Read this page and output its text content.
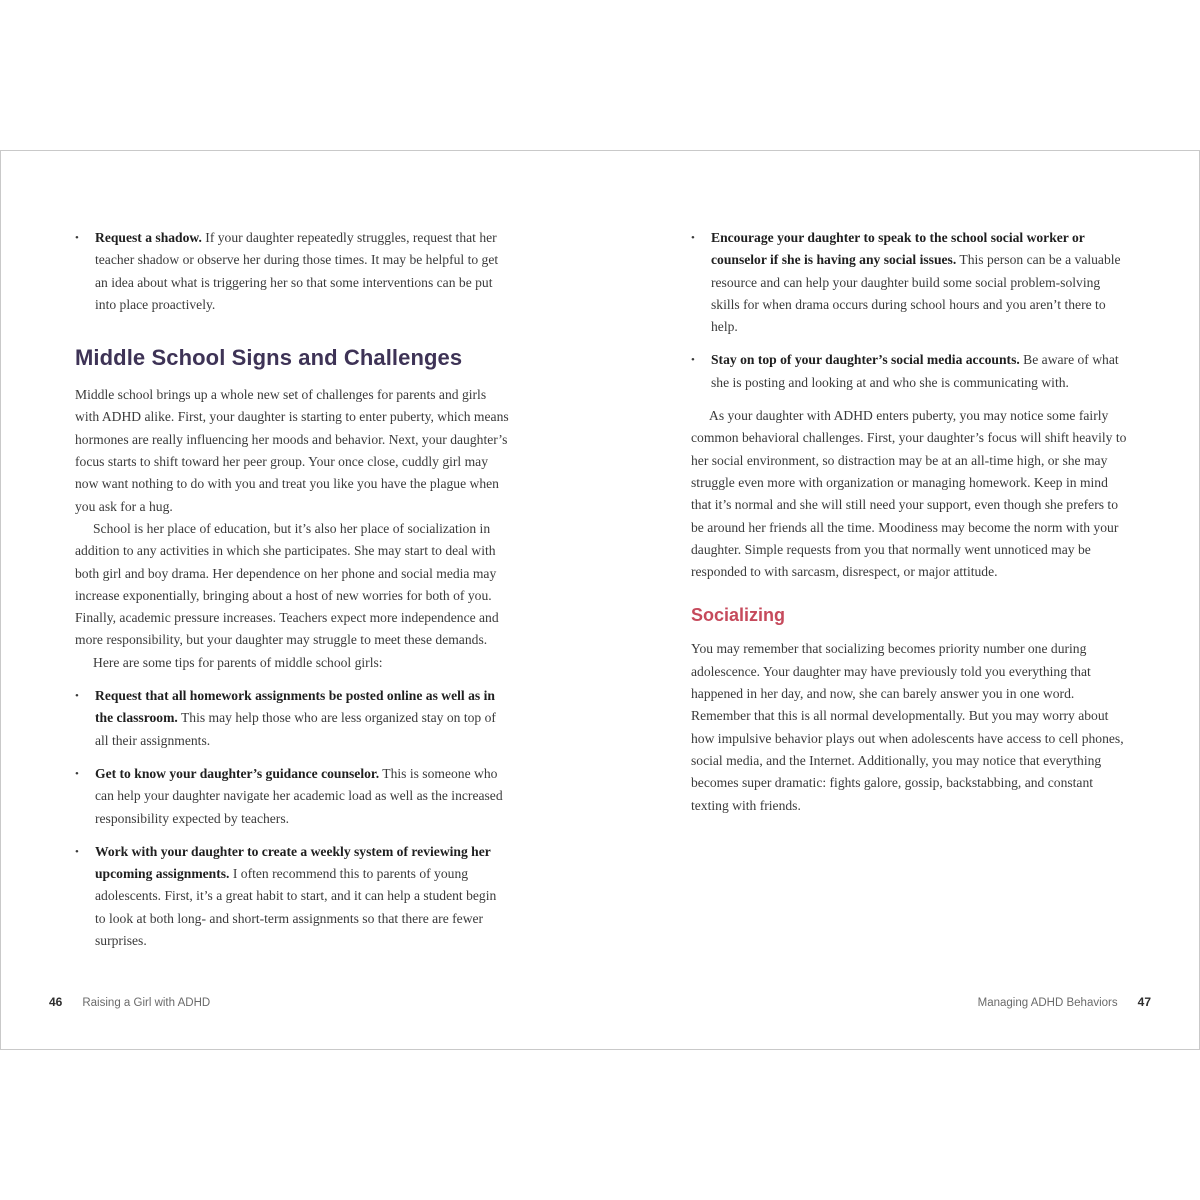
• Request a shadow. If your daughter repeatedly struggles, request that her teacher shadow or observe her during those times. It may be helpful to get an idea about what is triggering her so that some interventions can be put into place proactively.
Middle School Signs and Challenges

Middle school brings up a whole new set of challenges for parents and girls with ADHD alike. First, your daughter is starting to enter puberty, which means hormones are really influencing her moods and behavior. Next, your daughter’s focus starts to shift toward her peer group. Your once close, cuddly girl may now want nothing to do with you and treat you like you have the plague when you ask for a hug.

School is her place of education, but it’s also her place of socialization in addition to any activities in which she participates. She may start to deal with both girl and boy drama. Her dependence on her phone and social media may increase exponentially, bringing about a host of new worries for both of you. Finally, academic pressure increases. Teachers expect more independence and more responsibility, but your daughter may struggle to meet these demands.

Here are some tips for parents of middle school girls:

• Request that all homework assignments be posted online as well as in the classroom. This may help those who are less organized stay on top of all their assignments.
• Get to know your daughter’s guidance counselor. This is someone who can help your daughter navigate her academic load as well as the increased responsibility expected by teachers.
• Work with your daughter to create a weekly system of reviewing her upcoming assignments. I often recommend this to parents of young adolescents. First, it’s a great habit to start, and it can help a student begin to look at both long- and short-term assignments so that there are fewer surprises.
• Encourage your daughter to speak to the school social worker or counselor if she is having any social issues. This person can be a valuable resource and can help your daughter build some social problem-solving skills for when drama occurs during school hours and you aren’t there to help.
• Stay on top of your daughter’s social media accounts. Be aware of what she is posting and looking at and who she is communicating with.

As your daughter with ADHD enters puberty, you may notice some fairly common behavioral challenges. First, your daughter’s focus will shift heavily to her social environment, so distraction may be at an all-time high, or she may struggle even more with organization or managing homework. Keep in mind that it’s normal and she will still need your support, even though she prefers to be around her friends all the time. Moodiness may become the norm with your daughter. Simple requests from you that normally went unnoticed may be responded to with sarcasm, disrespect, or major attitude.

Socializing

You may remember that socializing becomes priority number one during adolescence. Your daughter may have previously told you everything that happened in her day, and now, she can barely answer you in one word. Remember that this is all normal developmentally. But you may worry about how impulsive behavior plays out when adolescents have access to cell phones, social media, and the Internet. Additionally, you may notice that everything becomes super dramatic: fights galore, gossip, backstabbing, and constant texting with friends.

46 Raising a Girl with ADHD	Managing ADHD Behaviors 47
